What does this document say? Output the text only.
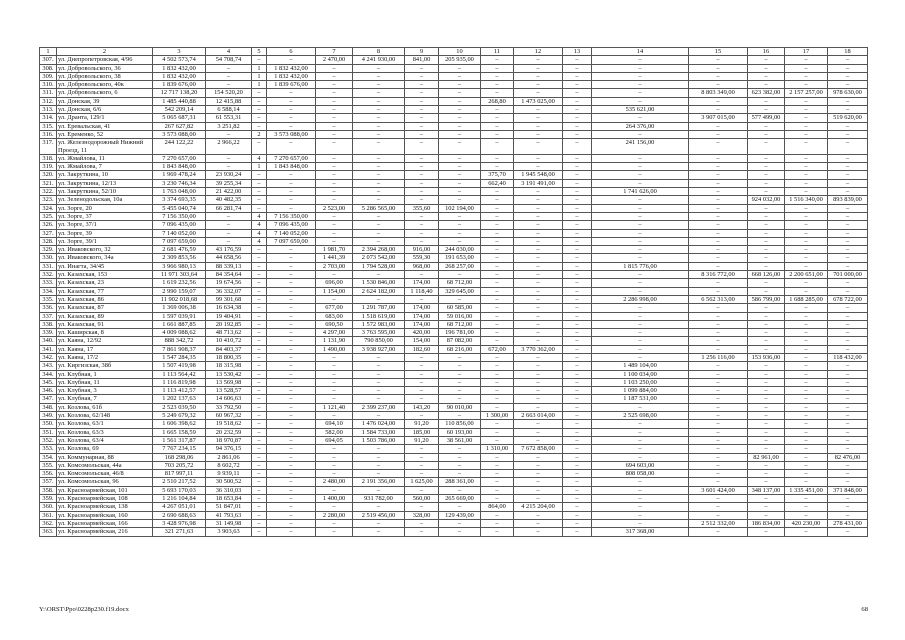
1	2	3	4	5	6	7	8	9	10	11	12	13	14	15	16	17	18
307.	ул. Днепропетровская, 4/96	4 502 573,74	54 708,74	–	–	2 470,00	4 241 930,00	841,00	205 935,00	–	–	–	–	–	–	–	–
308.	ул. Добровольского, 36	1 832 432,00	–	1	1 832 432,00	–	–	–	–	–	–	–	–	–	–	–	–
309.	ул. Добровольского, 38	1 832 432,00	–	1	1 832 432,00	–	–	–	–	–	–	–	–	–	–	–	–
310.	ул. Добровольского, 40к	1 839 676,00	–	1	1 839 676,00	–	–	–	–	–	–	–	–	–	–	–	–
311.	ул. Добровольского, 6	12 717 138,20	154 520,20	–	–	–	–	–	–	–	–	–	–	8 803 349,00	623 382,00	2 157 257,00	978 630,00
312.	ул. Донская, 39	1 485 440,88	12 415,88	–	–	–	–	–	–	268,80	1 473 025,00	–	–	–	–	–	–
313.	ул. Донская, 6/6	542 209,14	6 588,14	–	–	–	–	–	–	–	–	–	535 621,00	–	–	–	–
314.	ул. Дранта, 129/1	5 065 687,31	61 553,31	–	–	–	–	–	–	–	–	–	–	3 907 015,00	577 499,00	–	519 620,00
315.	ул. Еревальская, 41	267 627,82	3 251,82	–	–	–	–	–	–	–	–	–	264 376,00	–	–	–	–
316.	ул. Еременко, 52	3 573 088,00	–	2	3 573 088,00	–	–	–	–	–	–	–	–	–	–	–	–
317.	ул. Железнодорожный Нижний Проезд, 11	244 122,22	2 966,22	–	–	–	–	–	–	–	–	–	241 156,00	–	–	–	–
318.	ул. Жмайлова, 11	7 270 657,00	–	4	7 270 657,00	–	–	–	–	–	–	–	–	–	–	–	–
319.	ул. Жмайлова, 7	1 843 848,00	–	1	1 843 848,00	–	–	–	–	–	–	–	–	–	–	–	–
320.	ул. Закруткина, 10	1 969 478,24	23 930,24	–	–	–	–	–	–	375,70	1 945 548,00	–	–	–	–	–	–
321.	ул. Закруткина, 12/13	3 230 746,34	39 255,34	–	–	–	–	–	–	662,40	3 191 491,00	–	–	–	–	–	–
322.	ул. Закруткина, 52/10	1 763 048,00	21 422,00	–	–	–	–	–	–	–	–	–	1 741 626,00	–	–	–	–
323.	ул. Зеленодольская, 10а	3 374 693,35	40 482,35	–	–	–	–	–	–	–	–	–	–	–	924 032,00	1 516 340,00	893 839,00
324.	ул. Зорге, 20	5 455 040,74	66 281,74	–	–	2 523,00	5 286 565,00	355,60	102 194,00	–	–	–	–	–	–	–	–
325.	ул. Зорге, 37	7 156 350,00	–	4	7 156 350,00	–	–	–	–	–	–	–	–	–	–	–	–
326.	ул. Зорге, 37/1	7 096 435,00	–	4	7 096 435,00	–	–	–	–	–	–	–	–	–	–	–	–
327.	ул. Зорге, 39	7 140 052,00	–	4	7 140 052,00	–	–	–	–	–	–	–	–	–	–	–	–
328.	ул. Зорге, 39/1	7 097 659,00	–	4	7 097 659,00	–	–	–	–	–	–	–	–	–	–	–	–
329.	ул. Иваковского, 32	2 681 476,59	43 176,59	–	–	1 981,70	2 394 268,00	916,00	244 030,00	–	–	–	–	–	–	–	–
330.	ул. Иваковского, 34а	2 309 853,56	44 658,56	–	–	1 441,39	2 073 542,00	559,30	191 653,00	–	–	–	–	–	–	–	–
331.	ул. Инагта, 34/45	3 966 980,13	88 339,13	–	–	2 703,00	1 794 528,00	968,00	268 257,00	–	–	–	1 815 776,00	–	–	–	–
332.	ул. Казахская, 153	11 971 303,64	84 354,64	–	–	–	–	–	–	–	–	–	–	8 316 772,00	668 126,00	2 200 651,00	701 000,00
333.	ул. Казахская, 23	1 619 232,56	19 674,56	–	–	696,00	1 530 846,00	174,00	68 712,00	–	–	–	–	–	–	–	–
334.	ул. Казахская, 77	2 990 159,07	36 332,07	–	–	1 154,00	2 624 182,00	1 118,40	329 645,00	–	–	–	–	–	–	–	–
335.	ул. Казахская, 86	11 902 018,68	99 301,68	–	–	–	–	–	–	–	–	–	2 286 998,00	6 562 313,00	586 799,00	1 688 285,00	678 722,00
336.	ул. Казахская, 87	1 369 006,38	16 634,38	–	–	677,00	1 291 787,00	174,00	60 585,00	–	–	–	–	–	–	–	–
337.	ул. Казахская, 89	1 597 039,91	19 404,91	–	–	683,00	1 518 619,00	174,00	59 016,00	–	–	–	–	–	–	–	–
338.	ул. Казахская, 91	1 661 887,85	20 192,85	–	–	690,50	1 572 983,00	174,00	68 712,00	–	–	–	–	–	–	–	–
339.	ул. Каширская, 8	4 009 088,62	48 713,62	–	–	4 297,00	3 763 595,00	420,00	196 781,00	–	–	–	–	–	–	–	–
340.	ул. Каяна, 12/92	888 342,72	10 410,72	–	–	1 131,90	790 850,00	154,00	87 082,00	–	–	–	–	–	–	–	–
341.	ул. Каяна, 17	7 861 908,37	84 403,37	–	–	1 490,00	3 938 927,00	182,60	68 216,00	672,00	3 770 362,00	–	–	–	–	–	–
342.	ул. Каяна, 17/2	1 547 284,35	18 800,35	–	–	–	–	–	–	–	–	–	–	1 256 116,00	153 936,00	–	118 432,00
343.	ул. Киргизская, 38б	1 507 419,98	18 315,98	–	–	–	–	–	–	–	–	–	1 489 104,00	–	–	–	–
344.	ул. Клубная, 1	1 113 564,42	13 530,42	–	–	–	–	–	–	–	–	–	1 100 034,00	–	–	–	–
345.	ул. Клубная, 11	1 116 819,98	13 569,98	–	–	–	–	–	–	–	–	–	1 103 250,00	–	–	–	–
346.	ул. Клубная, 3	1 113 412,57	13 528,57	–	–	–	–	–	–	–	–	–	1 099 884,00	–	–	–	–
347.	ул. Клубная, 7	1 202 137,63	14 606,63	–	–	–	–	–	–	–	–	–	1 187 531,00	–	–	–	–
348.	ул. Козлова, 61б	2 523 039,50	33 792,50	–	–	1 121,40	2 399 237,00	143,20	90 010,00	–	–	–	–	–	–	–	–
349.	ул. Козлова, 62/148	5 249 679,32	60 967,32	–	–	–	–	–	–	1 300,00	2 663 014,00	–	2 525 698,00	–	–	–	–
350.	ул. Козлова, 63/1	1 606 398,62	19 518,62	–	–	694,10	1 476 024,00	91,20	110 856,00	–	–	–	–	–	–	–	–
351.	ул. Козлова, 63/3	1 665 158,59	20 232,59	–	–	582,00	1 584 733,00	185,00	60 193,00	–	–	–	–	–	–	–	–
352.	ул. Козлова, 63/4	1 561 317,87	18 970,87	–	–	694,05	1 503 786,00	91,20	38 561,00	–	–	–	–	–	–	–	–
353.	ул. Козлова, 69	7 767 234,15	94 376,15	–	–	–	–	–	–	1 310,00	7 672 858,00	–	–	–	–	–	–
354.	ул. Коммунарная, 88	168 298,06	2 861,06	–	–	–	–	–	–	–	–	–	–	–	82 961,00	–	82 476,00
355.	ул. Комсомольская, 44а	703 205,72	8 602,72	–	–	–	–	–	–	–	–	–	694 603,00	–	–	–	–
356.	ул. Комсомольская, 46/8	817 997,11	9 939,11	–	–	–	–	–	–	–	–	–	808 058,00	–	–	–	–
357.	ул. Комсомольская, 96	2 510 217,52	30 500,52	–	–	2 480,00	2 191 356,00	1 625,00	288 361,00	–	–	–	–	–	–	–	–
358.	ул. Красноармейская, 101	5 693 170,03	36 310,03	–	–	–	–	–	–	–	–	–	–	3 601 424,00	348 137,00	1 335 451,00	371 848,00
359.	ул. Красноармейская, 108	1 216 104,84	18 653,84	–	–	1 400,00	931 782,00	560,00	265 669,00	–	–	–	–	–	–	–	–
360.	ул. Красноармейская, 138	4 267 051,01	51 847,01	–	–	–	–	–	–	864,00	4 215 204,00	–	–	–	–	–	–
361.	ул. Красноармейская, 160	2 690 688,63	41 793,63	–	–	2 280,00	2 519 456,00	328,00	129 439,00	–	–	–	–	–	–	–	–
362.	ул. Красноармейская, 166	3 428 976,98	31 149,98	–	–	–	–	–	–	–	–	–	–	2 512 332,00	186 834,00	420 230,00	278 431,00
363.	ул. Красноармейская, 216	321 271,63	3 903,63	–	–	–	–	–	–	–	–	–	317 368,00	–	–	–	–
Y:\ORST\Ppo\0228p230.f19.docx	68
